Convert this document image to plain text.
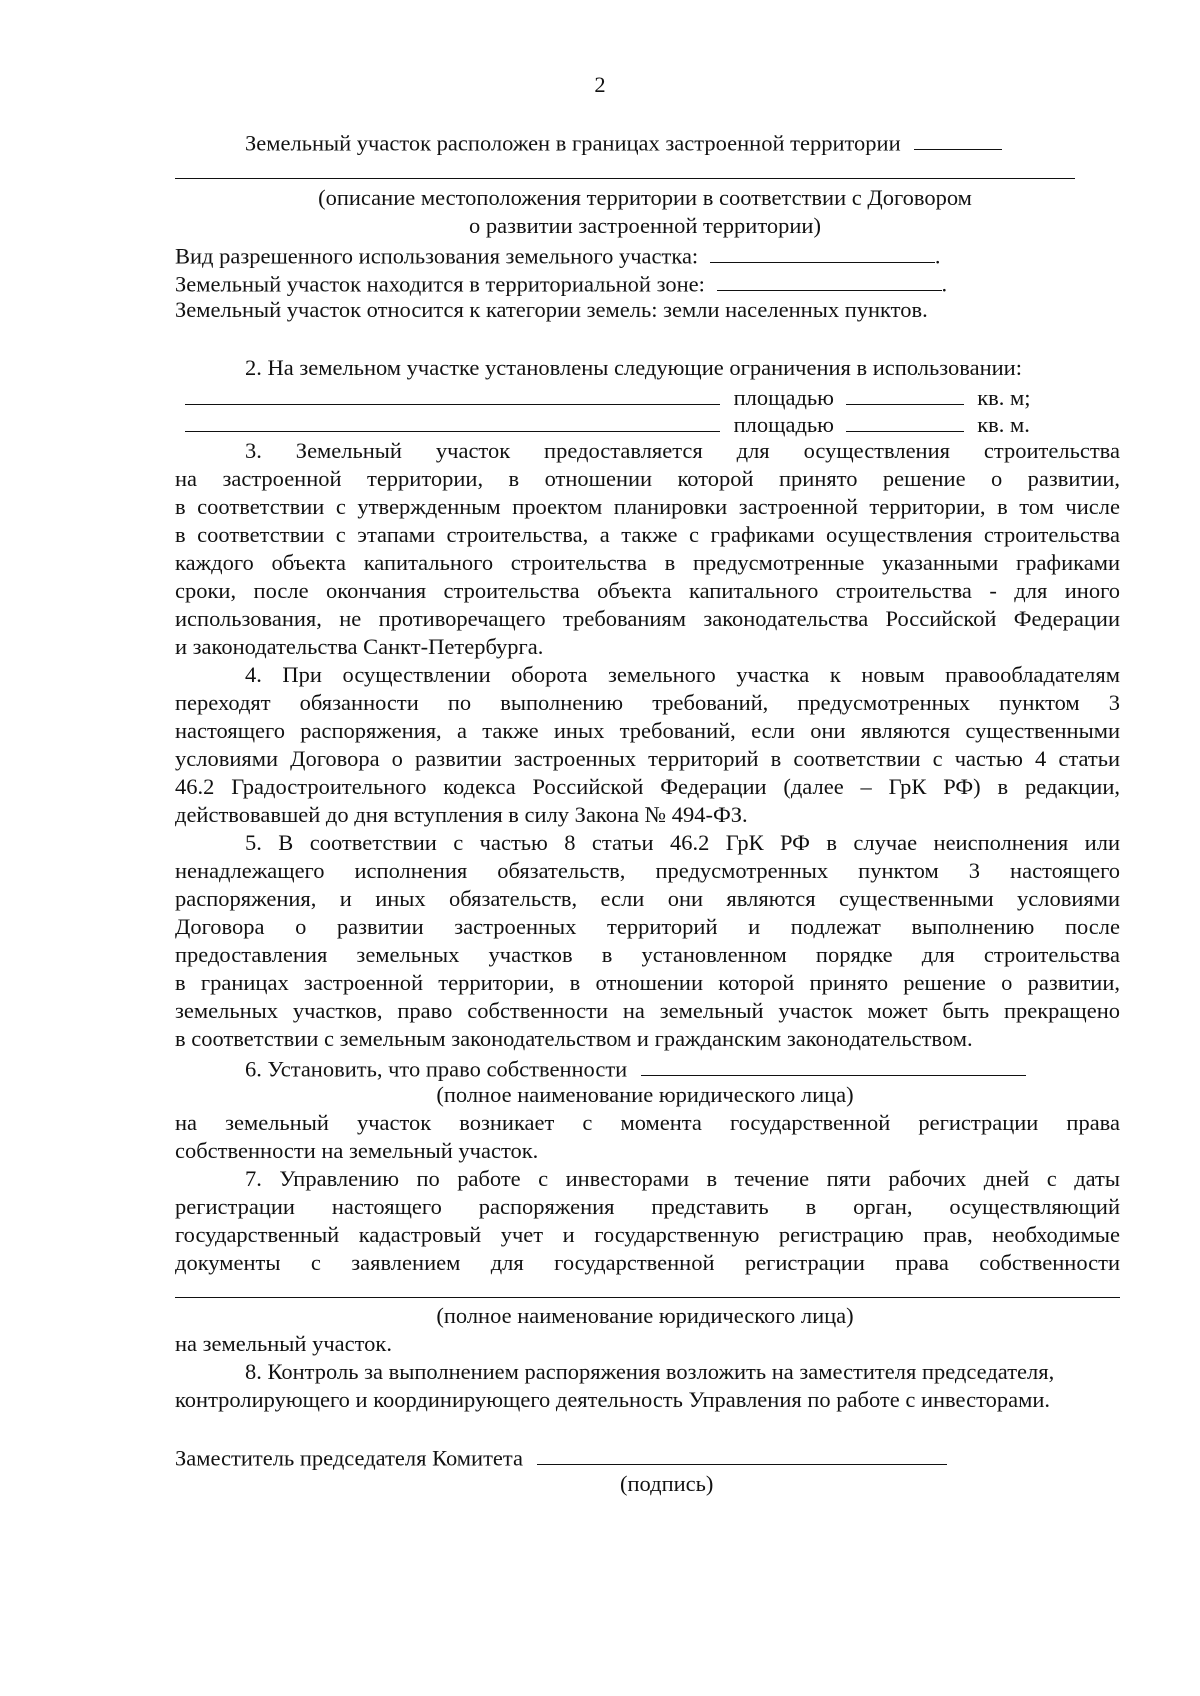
2
Земельный участок расположен в границах застроенной территории
(описание местоположения территории в соответствии с Договором
о развитии застроенной территории)
Вид разрешенного использования земельного участка:	.
Земельный участок находится в территориальной зоне:	.
Земельный участок относится к категории земель: земли населенных пунктов.
2. На земельном участке установлены следующие ограничения в использовании:
площадью	кв. м;
площадью	кв. м.
3. Земельный участок предоставляется для осуществления строительства
на застроенной территории, в отношении которой принято решение о развитии,
в соответствии с утвержденным проектом планировки застроенной территории, в том числе
в соответствии с этапами строительства, а также с графиками осуществления строительства
каждого объекта капитального строительства в предусмотренные указанными графиками
сроки, после окончания строительства объекта капитального строительства - для иного
использования, не противоречащего требованиям законодательства Российской Федерации
и законодательства Санкт-Петербурга.
4. При осуществлении оборота земельного участка к новым правообладателям
переходят обязанности по выполнению требований, предусмотренных пунктом 3
настоящего распоряжения, а также иных требований, если они являются существенными
условиями Договора о развитии застроенных территорий в соответствии с частью 4 статьи
46.2 Градостроительного кодекса Российской Федерации (далее – ГрК РФ) в редакции,
действовавшей до дня вступления в силу Закона № 494-ФЗ.
5. В соответствии с частью 8 статьи 46.2 ГрК РФ в случае неисполнения или
ненадлежащего исполнения обязательств, предусмотренных пунктом 3 настоящего
распоряжения, и иных обязательств, если они являются существенными условиями
Договора о развитии застроенных территорий и подлежат выполнению после
предоставления земельных участков в установленном порядке для строительства
в границах застроенной территории, в отношении которой принято решение о развитии,
земельных участков, право собственности на земельный участок может быть прекращено
в соответствии с земельным законодательством и гражданским законодательством.
6. Установить, что право собственности
(полное наименование юридического лица)
на земельный участок возникает с момента государственной регистрации права
собственности на земельный участок.
7. Управлению по работе с инвесторами в течение пяти рабочих дней с даты
регистрации настоящего распоряжения представить в орган, осуществляющий
государственный кадастровый учет и государственную регистрацию прав, необходимые
документы с заявлением для государственной регистрации права собственности
(полное наименование юридического лица)
на земельный участок.
8. Контроль за выполнением распоряжения возложить на заместителя председателя,
контролирующего и координирующего деятельность Управления по работе с инвесторами.
Заместитель председателя Комитета
(подпись)
